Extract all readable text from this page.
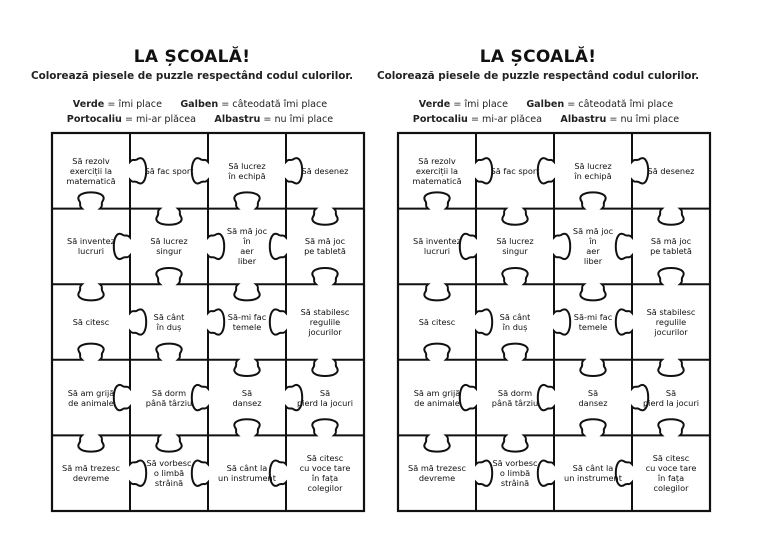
LA ȘCOALĂ!
Colorează piesele de puzzle respectând codul culorilor.
Verde = îmi place Galben = câteodată îmi place
Portocaliu = mi-ar plăcea Albastru = nu îmi place
Să rezolv
exerciții la
matematică
Să fac sport	Să lucrez
în echipă	Să desenez
Să inventez
lucruri
Să lucrez
singur
Să mă joc
în
aer
liber
Să mă joc
pe tabletă
Să citesc	Să cânt
în duș
Să-mi fac
temele
Să stabilesc
regulile
jocurilor
Să am grijă
de animale
Să dorm
până târziu
Să
dansez
Să
pierd la jocuri
Să mă trezesc
devreme
Să vorbesc
o limbă
strâină
Să cânt la
un instrument
Să citesc
cu voce tare
în fața
colegilor
LA ȘCOALĂ!
Colorează piesele de puzzle respectând codul culorilor.
Verde = îmi place Galben = câteodată îmi place
Portocaliu = mi-ar plăcea Albastru = nu îmi place
Să rezolv
exerciții la
matematică
Să fac sport	Să lucrez
în echipă	Să desenez
Să inventez
lucruri
Să lucrez
singur
Să mă joc
în
aer
liber
Să mă joc
pe tabletă
Să citesc	Să cânt
în duș
Să-mi fac
temele
Să stabilesc
regulile
jocurilor
Să am grijă
de animale
Să dorm
până târziu
Să
dansez
Să
pierd la jocuri
Să mă trezesc
devreme
Să vorbesc
o limbă
strâină
Să cânt la
un instrument
Să citesc
cu voce tare
în fața
colegilor
